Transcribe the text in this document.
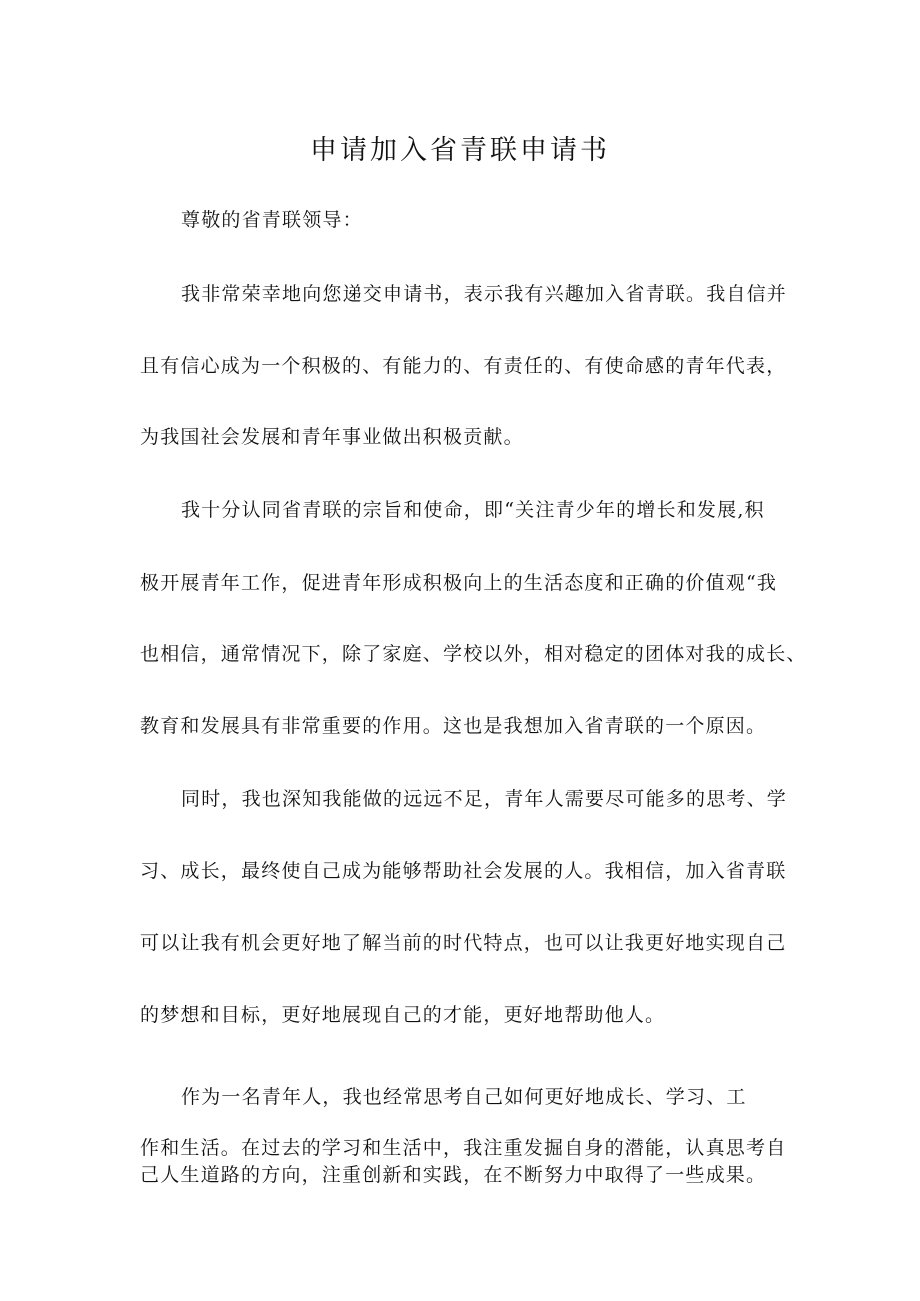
申请加入省青联申请书
尊敬的省青联领导：
我非常荣幸地向您递交申请书，表示我有兴趣加入省青联。我自信并
且有信心成为一个积极的、有能力的、有责任的、有使命感的青年代表，
为我国社会发展和青年事业做出积极贡献。
我十分认同省青联的宗旨和使命，即“关注青少年的增长和发展,积
极开展青年工作，促进青年形成积极向上的生活态度和正确的价值观“我
也相信，通常情况下，除了家庭、学校以外，相对稳定的团体对我的成长、
教育和发展具有非常重要的作用。这也是我想加入省青联的一个原因。
同时，我也深知我能做的远远不足，青年人需要尽可能多的思考、学
习、成长，最终使自己成为能够帮助社会发展的人。我相信，加入省青联
可以让我有机会更好地了解当前的时代特点，也可以让我更好地实现自己
的梦想和目标，更好地展现自己的才能，更好地帮助他人。
作为一名青年人，我也经常思考自己如何更好地成长、学习、工
作和生活。在过去的学习和生活中，我注重发掘自身的潜能，认真思考自
己人生道路的方向，注重创新和实践，在不断努力中取得了一些成果。
